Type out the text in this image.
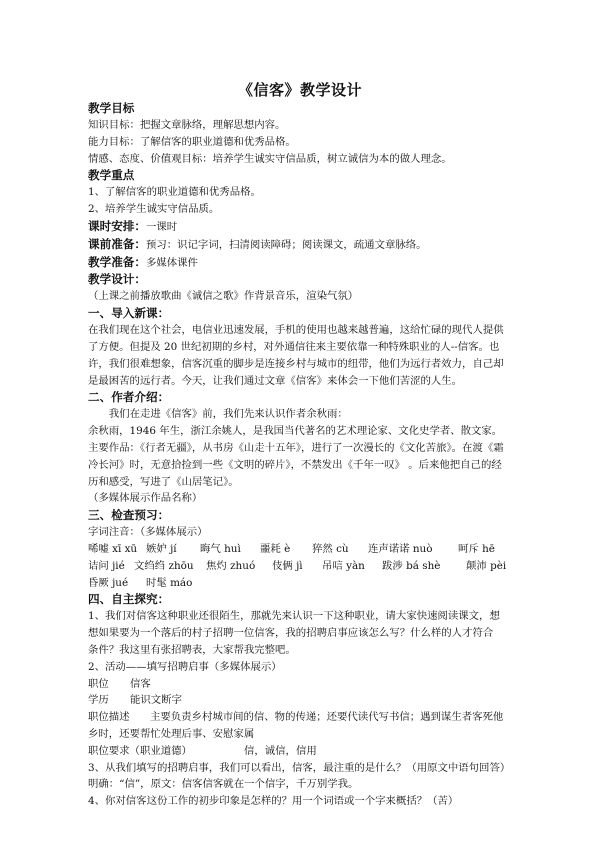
《信客》教学设计

教学目标

知识目标：把握文章脉络，理解思想内容。

能力目标：了解信客的职业道德和优秀品格。

情感、态度、价值观目标：培养学生诚实守信品质，树立诚信为本的做人理念。

教学重点

1、了解信客的职业道德和优秀品格。

2、培养学生诚实守信品质。

课时安排：一课时

课前准备：预习：识记字词，扫清阅读障碍；阅读课文，疏通文章脉络。

教学准备：多媒体课件

教学设计：

（上课之前播放歌曲《诚信之歌》作背景音乐，渲染气氛）

一、导入新课：

在我们现在这个社会，电信业迅速发展，手机的使用也越来越普遍，这给忙碌的现代人提供

了方便。但提及 20 世纪初期的乡村，对外通信往来主要依靠一种特殊职业的人--信客。也

许，我们很难想象，信客沉重的脚步是连接乡村与城市的纽带，他们为远行者效力，自己却

是最困苦的远行者。今天，让我们通过文章《信客》来体会一下他们苦涩的人生。

二、作者介绍：

我们在走进《信客》前，我们先来认识作者余秋雨：

余秋雨，1946 年生，浙江余姚人，是我国当代著名的艺术理论家、文化史学者、散文家。

主要作品：《行者无疆》，从书房《山走十五年》，进行了一次漫长的《文化苦旅》。在渡《霜

冷长河》时，无意拾捡到一些《文明的碎片》，不禁发出《千年一叹》 。后来他把自己的经

历和感受，写进了《山居笔记》。

（多媒体展示作品名称）

三、检查预习：

字词注音：（多媒体展示）

唏嘘 xī xū 嫉妒 jí	晦气 huì	噩耗 è	猝然 cù	连声诺诺 nuò	呵斥 hē
诘问 jié 文绉绉 zhōu	焦灼 zhuó	伎俩 jì	吊唁 yàn	跋涉 bá shè	颠沛 pèi
昏厥 jué	时髦 máo

四、自主探究：

1、我们对信客这种职业还很陌生，那就先来认识一下这种职业，请大家快速阅读课文，想

想如果要为一个落后的村子招聘一位信客，我的招聘启事应该怎么写？什么样的人才符合

条件？我这里有张招聘表，大家帮我完整吧。

2、活动——填写招聘启事（多媒体展示）

职位	信客
学历	能识文断字
职位描述	主要负责乡村城市间的信、物的传递；还要代读代写书信；遇到谋生者客死他
乡时，还要帮忙处理后事、安慰家属
职位要求（职业道德）	信，诚信，信用

3、从我们填写的招聘启事，我们可以看出，信客，最注重的是什么？（用原文中语句回答）

明确：“信”，原文：信客信客就在一个信字，千万别学我。

4、你对信客这份工作的初步印象是怎样的？用一个词语或一个字来概括？（苦）
